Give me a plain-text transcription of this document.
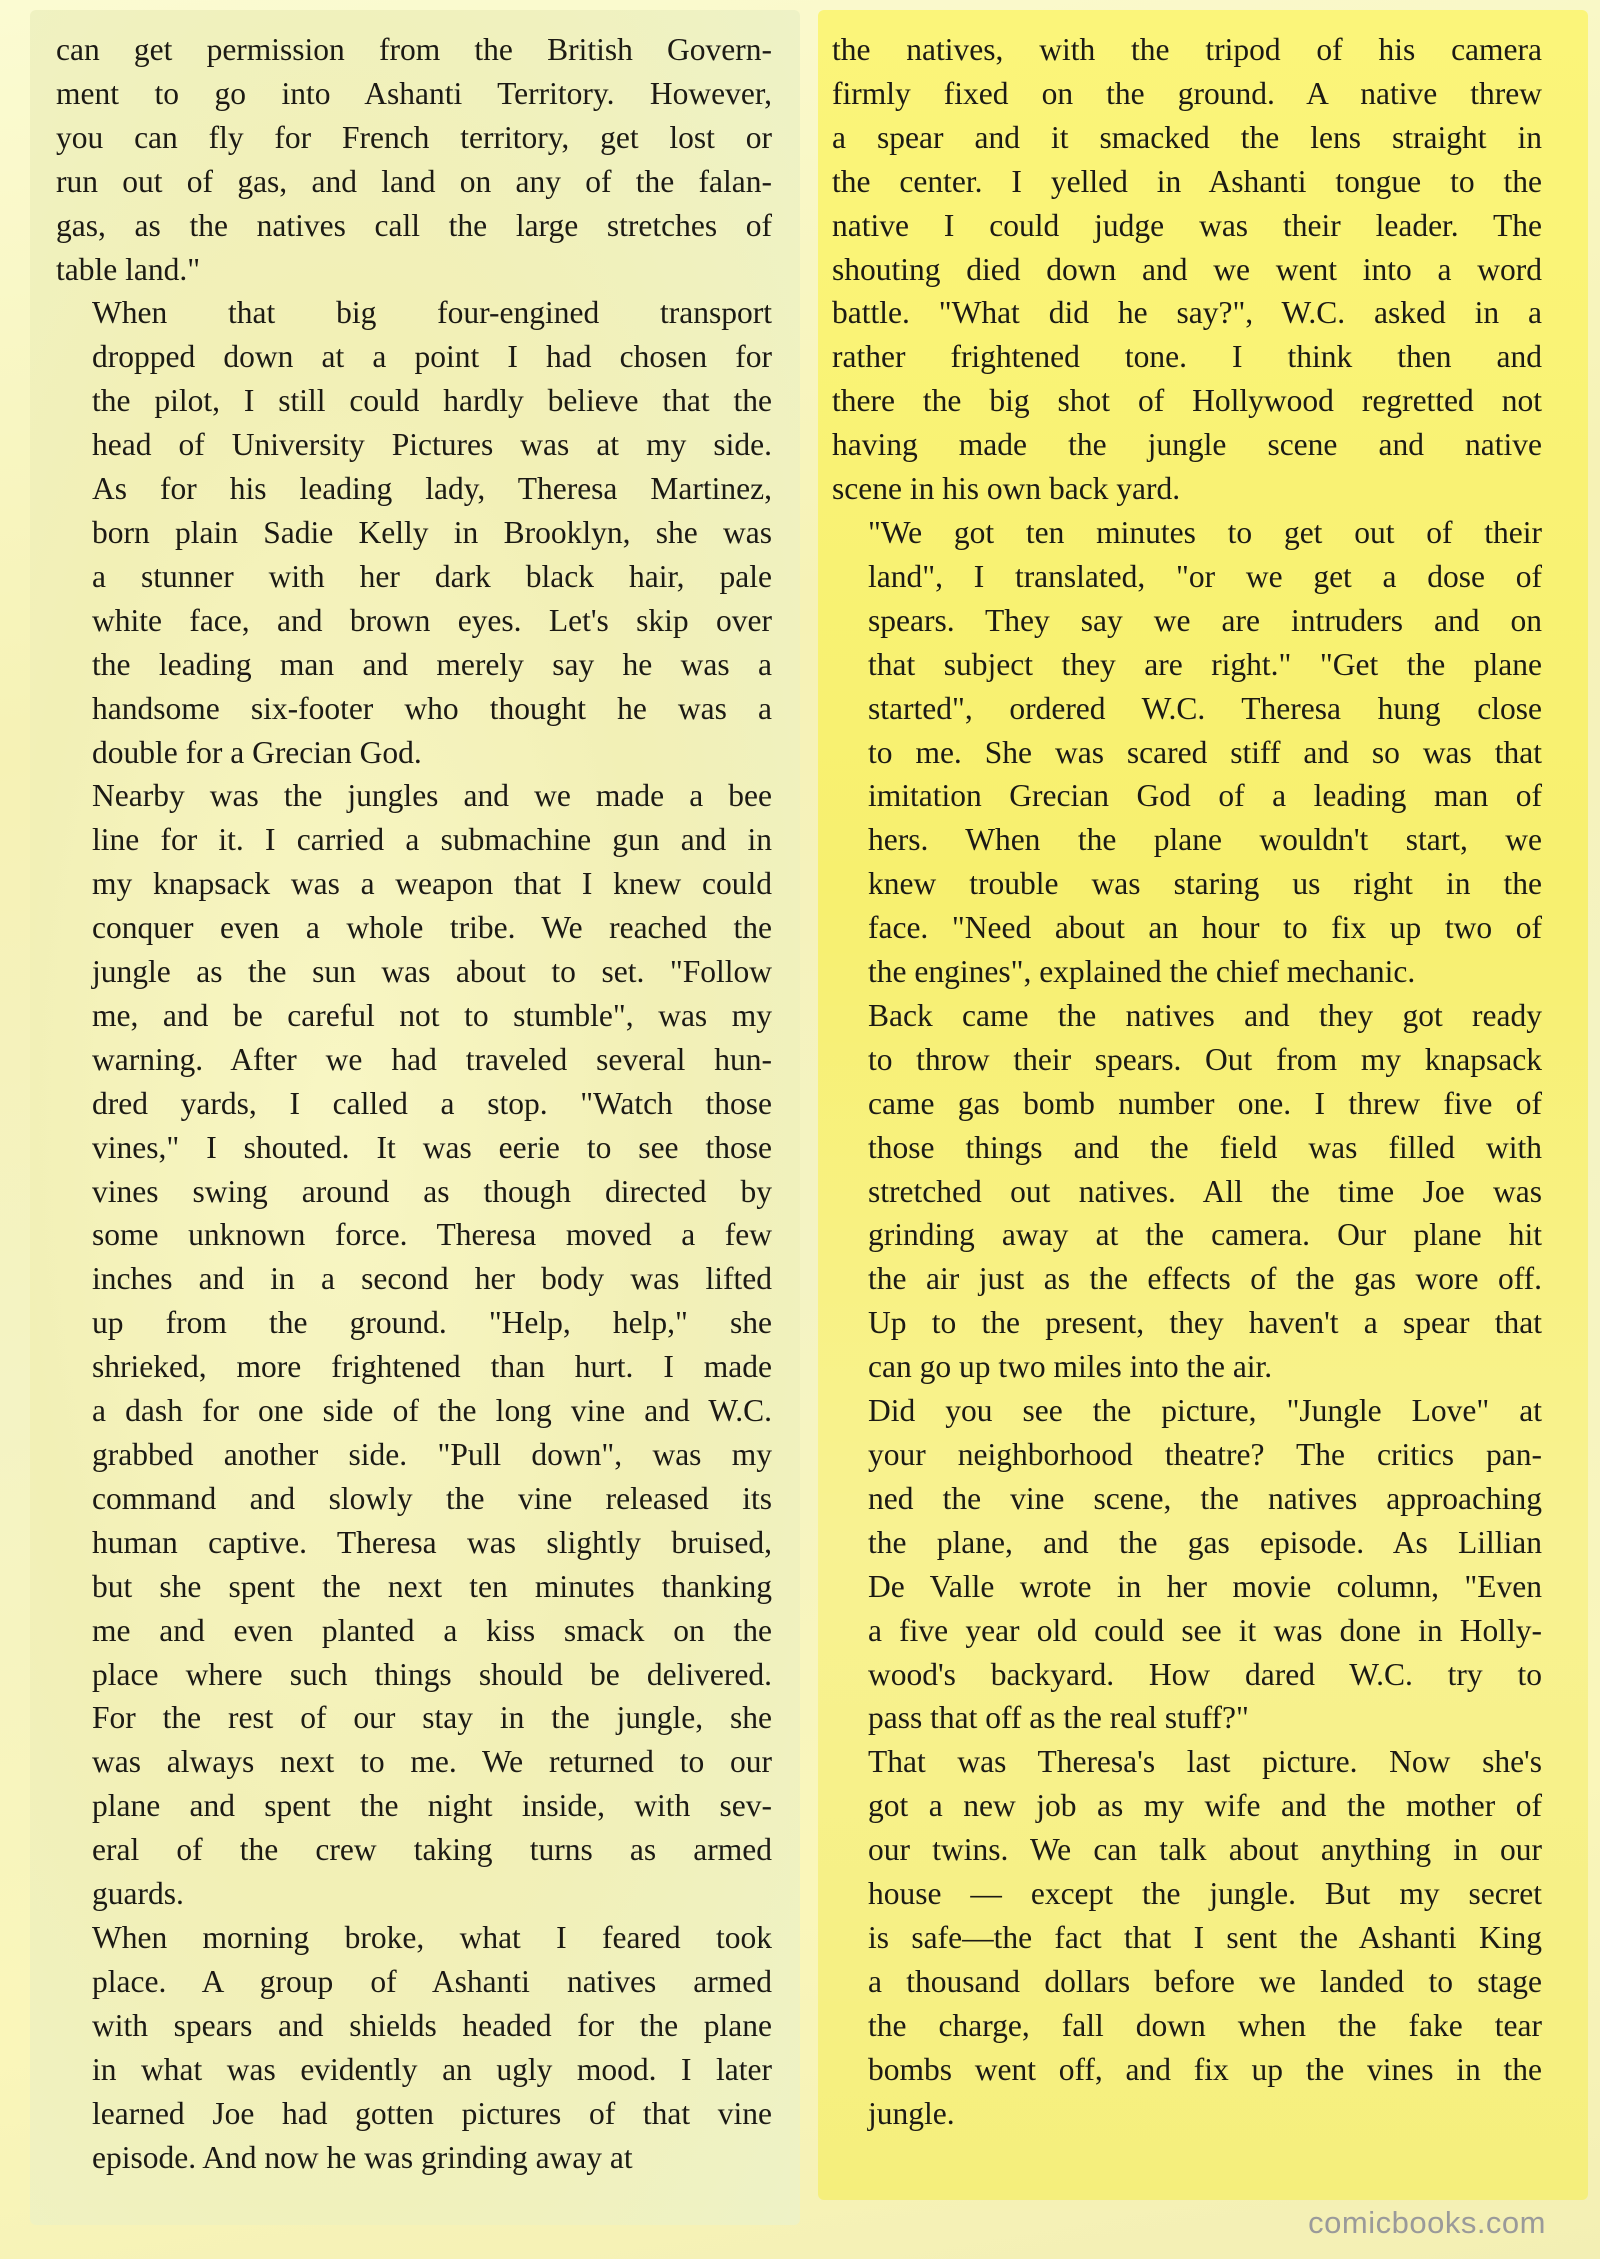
can get permission from the British Govern-
ment to go into Ashanti Territory. However,
you can fly for French territory, get lost or
run out of gas, and land on any of the falan-
gas, as the natives call the large stretches of
table land."
When that big four-engined transport
dropped down at a point I had chosen for
the pilot, I still could hardly believe that the
head of University Pictures was at my side.
As for his leading lady, Theresa Martinez,
born plain Sadie Kelly in Brooklyn, she was
a stunner with her dark black hair, pale
white face, and brown eyes. Let's skip over
the leading man and merely say he was a
handsome six-footer who thought he was a
double for a Grecian God.
Nearby was the jungles and we made a bee
line for it. I carried a submachine gun and in
my knapsack was a weapon that I knew could
conquer even a whole tribe. We reached the
jungle as the sun was about to set. "Follow
me, and be careful not to stumble", was my
warning. After we had traveled several hun-
dred yards, I called a stop. "Watch those
vines," I shouted. It was eerie to see those
vines swing around as though directed by
some unknown force. Theresa moved a few
inches and in a second her body was lifted
up from the ground. "Help, help," she
shrieked, more frightened than hurt. I made
a dash for one side of the long vine and W.C.
grabbed another side. "Pull down", was my
command and slowly the vine released its
human captive. Theresa was slightly bruised,
but she spent the next ten minutes thanking
me and even planted a kiss smack on the
place where such things should be delivered.
For the rest of our stay in the jungle, she
was always next to me. We returned to our
plane and spent the night inside, with sev-
eral of the crew taking turns as armed
guards.
When morning broke, what I feared took
place. A group of Ashanti natives armed
with spears and shields headed for the plane
in what was evidently an ugly mood. I later
learned Joe had gotten pictures of that vine
episode. And now he was grinding away at
the natives, with the tripod of his camera
firmly fixed on the ground. A native threw
a spear and it smacked the lens straight in
the center. I yelled in Ashanti tongue to the
native I could judge was their leader. The
shouting died down and we went into a word
battle. "What did he say?", W.C. asked in a
rather frightened tone. I think then and
there the big shot of Hollywood regretted not
having made the jungle scene and native
scene in his own back yard.
"We got ten minutes to get out of their
land", I translated, "or we get a dose of
spears. They say we are intruders and on
that subject they are right." "Get the plane
started", ordered W.C. Theresa hung close
to me. She was scared stiff and so was that
imitation Grecian God of a leading man of
hers. When the plane wouldn't start, we
knew trouble was staring us right in the
face. "Need about an hour to fix up two of
the engines", explained the chief mechanic.
Back came the natives and they got ready
to throw their spears. Out from my knapsack
came gas bomb number one. I threw five of
those things and the field was filled with
stretched out natives. All the time Joe was
grinding away at the camera. Our plane hit
the air just as the effects of the gas wore off.
Up to the present, they haven't a spear that
can go up two miles into the air.
Did you see the picture, "Jungle Love" at
your neighborhood theatre? The critics pan-
ned the vine scene, the natives approaching
the plane, and the gas episode. As Lillian
De Valle wrote in her movie column, "Even
a five year old could see it was done in Holly-
wood's backyard. How dared W.C. try to
pass that off as the real stuff?"
That was Theresa's last picture. Now she's
got a new job as my wife and the mother of
our twins. We can talk about anything in our
house — except the jungle. But my secret
is safe—the fact that I sent the Ashanti King
a thousand dollars before we landed to stage
the charge, fall down when the fake tear
bombs went off, and fix up the vines in the
jungle.
comicbooks.com
